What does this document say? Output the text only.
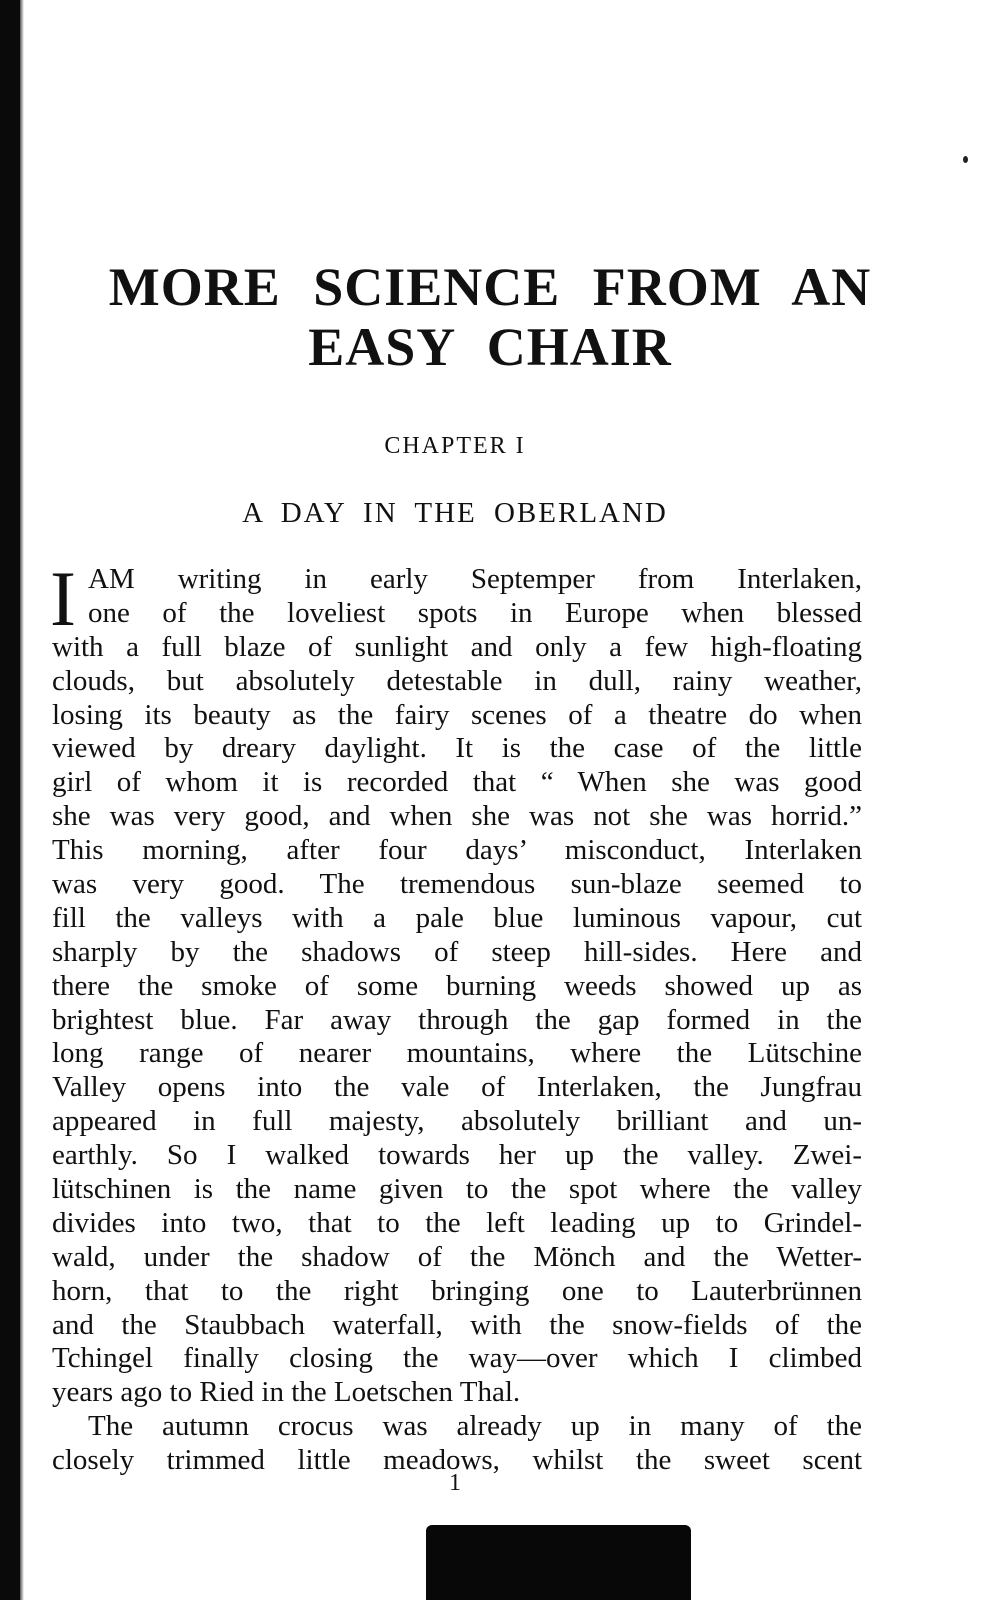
MORE SCIENCE FROM AN
EASY CHAIR
CHAPTER I
A DAY IN THE OBERLAND
I AM writing in early Septemper from Interlaken,
one of the loveliest spots in Europe when blessed
with a full blaze of sunlight and only a few high-floating
clouds, but absolutely detestable in dull, rainy weather,
losing its beauty as the fairy scenes of a theatre do when
viewed by dreary daylight. It is the case of the little
girl of whom it is recorded that “ When she was good
she was very good, and when she was not she was horrid.”
This morning, after four days’ misconduct, Interlaken
was very good. The tremendous sun-blaze seemed to
fill the valleys with a pale blue luminous vapour, cut
sharply by the shadows of steep hill-sides. Here and
there the smoke of some burning weeds showed up as
brightest blue. Far away through the gap formed in the
long range of nearer mountains, where the Lütschine
Valley opens into the vale of Interlaken, the Jungfrau
appeared in full majesty, absolutely brilliant and un-
earthly. So I walked towards her up the valley. Zwei-
lütschinen is the name given to the spot where the valley
divides into two, that to the left leading up to Grindel-
wald, under the shadow of the Mönch and the Wetter-
horn, that to the right bringing one to Lauterbrünnen
and the Staubbach waterfall, with the snow-fields of the
Tchingel finally closing the way—over which I climbed
years ago to Ried in the Loetschen Thal.
The autumn crocus was already up in many of the
closely trimmed little meadows, whilst the sweet scent
1
